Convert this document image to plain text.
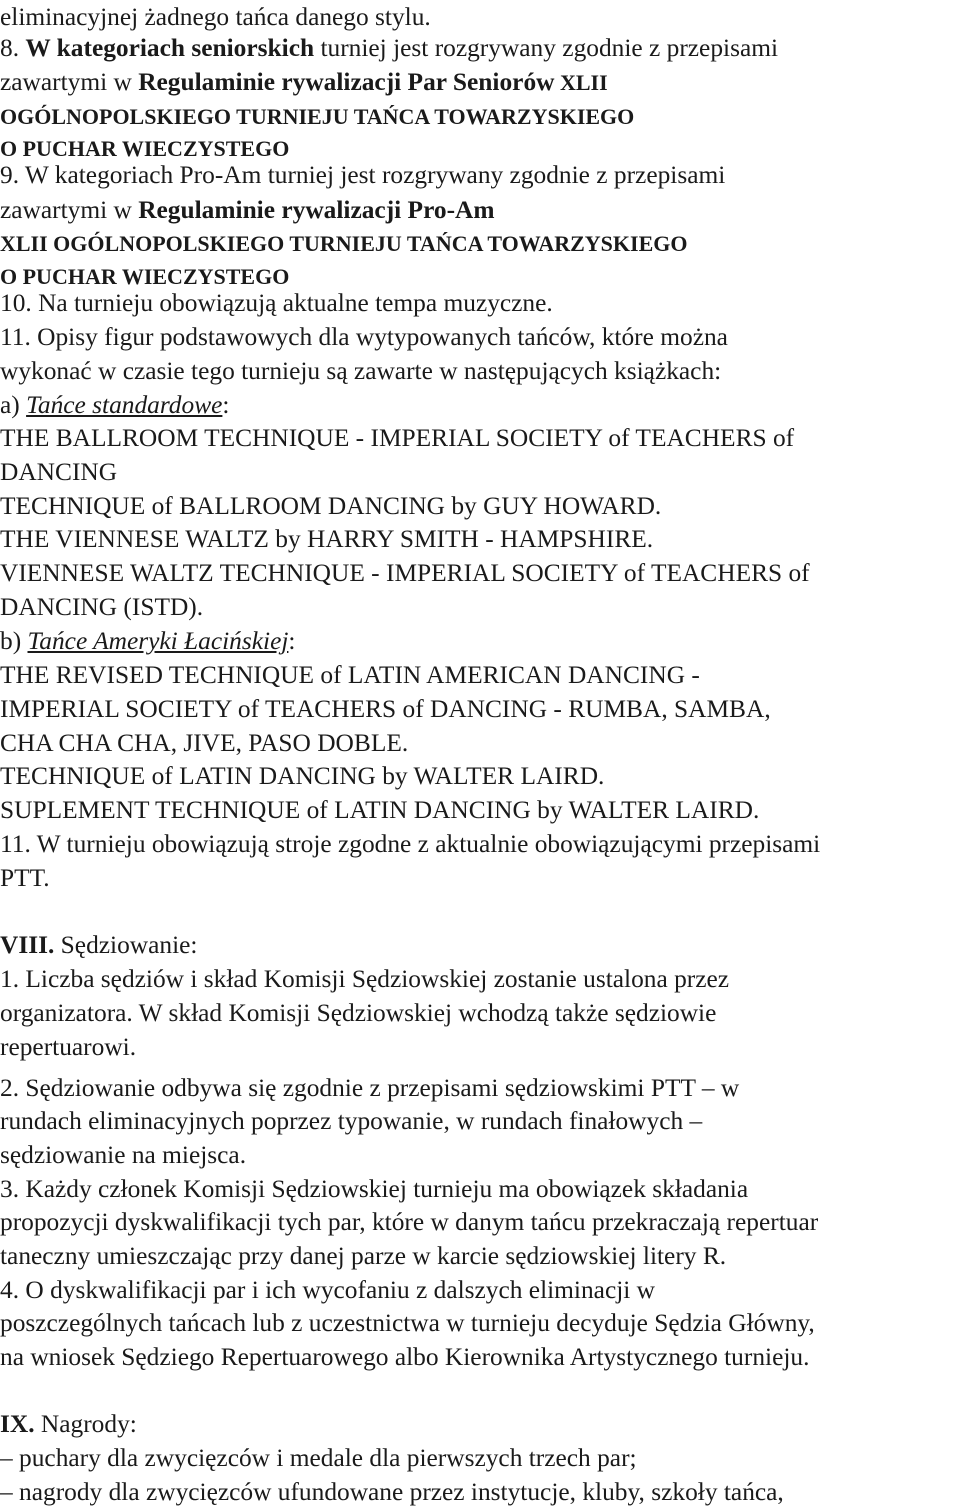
eliminacyjnej żadnego tańca danego stylu.
8. W kategoriach seniorskich turniej jest rozgrywany zgodnie z przepisami
zawartymi w Regulaminie rywalizacji Par Seniorów XLII
OGÓLNOPOLSKIEGO TURNIEJU TAŃCA TOWARZYSKIEGO
O PUCHAR WIECZYSTEGO
9. W kategoriach Pro-Am turniej jest rozgrywany zgodnie z przepisami
zawartymi w Regulaminie rywalizacji Pro-Am
XLII OGÓLNOPOLSKIEGO TURNIEJU TAŃCA TOWARZYSKIEGO
O PUCHAR WIECZYSTEGO
10. Na turnieju obowiązują aktualne tempa muzyczne.
11. Opisy figur podstawowych dla wytypowanych tańców, które można
wykonać w czasie tego turnieju są zawarte w następujących książkach:
a) Tańce standardowe:
THE BALLROOM TECHNIQUE - IMPERIAL SOCIETY of TEACHERS of
DANCING
TECHNIQUE of BALLROOM DANCING by GUY HOWARD.
THE VIENNESE WALTZ by HARRY SMITH - HAMPSHIRE.
VIENNESE WALTZ TECHNIQUE - IMPERIAL SOCIETY of TEACHERS of
DANCING (ISTD).
b) Tańce Ameryki Łacińskiej:
THE REVISED TECHNIQUE of LATIN AMERICAN DANCING -
IMPERIAL SOCIETY of TEACHERS of DANCING - RUMBA, SAMBA,
CHA CHA CHA, JIVE, PASO DOBLE.
TECHNIQUE of LATIN DANCING by WALTER LAIRD.
SUPLEMENT TECHNIQUE of LATIN DANCING by WALTER LAIRD.
11. W turnieju obowiązują stroje zgodne z aktualnie obowiązującymi przepisami
PTT.
VIII. Sędziowanie:
1. Liczba sędziów i skład Komisji Sędziowskiej zostanie ustalona przez
organizatora. W skład Komisji Sędziowskiej wchodzą także sędziowie
repertuarowi.
2. Sędziowanie odbywa się zgodnie z przepisami sędziowskimi PTT – w
rundach eliminacyjnych poprzez typowanie, w rundach finałowych –
sędziowanie na miejsca.
3. Każdy członek Komisji Sędziowskiej turnieju ma obowiązek składania
propozycji dyskwalifikacji tych par, które w danym tańcu przekraczają repertuar
taneczny umieszczając przy danej parze w karcie sędziowskiej litery R.
4. O dyskwalifikacji par i ich wycofaniu z dalszych eliminacji w
poszczególnych tańcach lub z uczestnictwa w turnieju decyduje Sędzia Główny,
na wniosek Sędziego Repertuarowego albo Kierownika Artystycznego turnieju.
IX. Nagrody:
– puchary dla zwycięzców i medale dla pierwszych trzech par;
– nagrody dla zwycięzców ufundowane przez instytucje, kluby, szkoły tańca,
